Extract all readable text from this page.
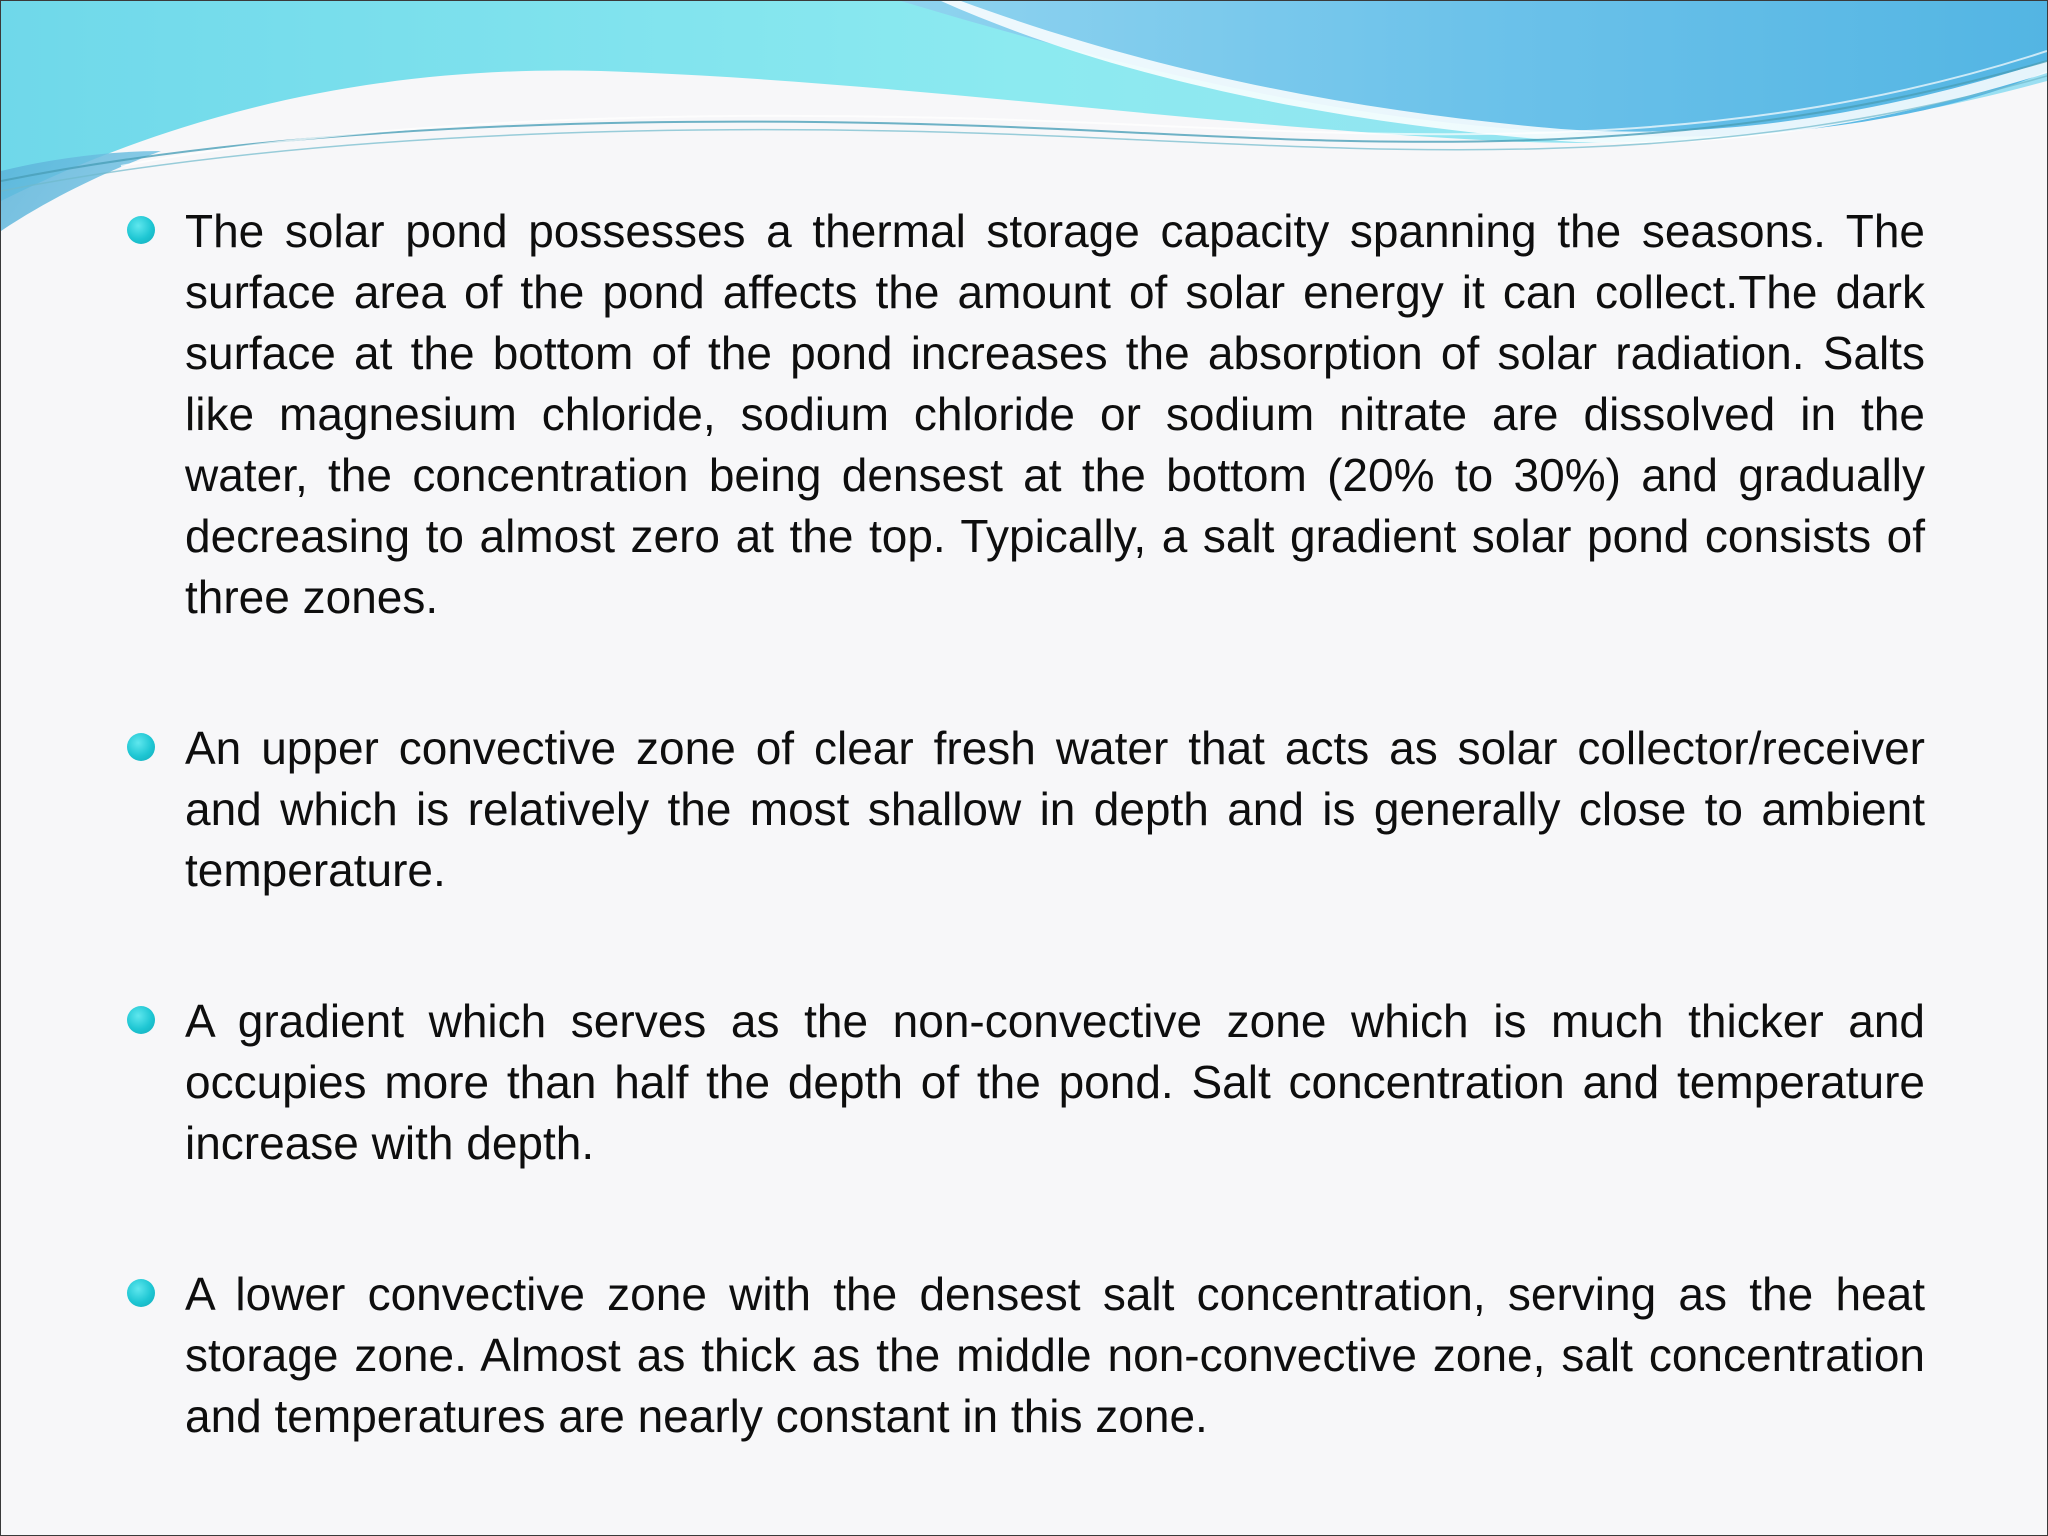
The solar pond possesses a thermal storage capacity spanning the seasons. The surface area of the pond affects the amount of solar energy it can collect.The dark surface at the bottom of the pond increases the absorption of solar radiation. Salts like magnesium chloride, sodium chloride or sodium nitrate are dissolved in the water, the concentration being densest at the bottom (20% to 30%) and gradually decreasing to almost zero at the top. Typically, a salt gradient solar pond consists of three zones.

An upper convective zone of clear fresh water that acts as solar collector/receiver and which is relatively the most shallow in depth and is generally close to ambient temperature.

A gradient which serves as the non-convective zone which is much thicker and occupies more than half the depth of the pond. Salt concentration and temperature increase with depth.

A lower convective zone with the densest salt concentration, serving as the heat storage zone. Almost as thick as the middle non-convective zone, salt concentration and temperatures are nearly constant in this zone.
